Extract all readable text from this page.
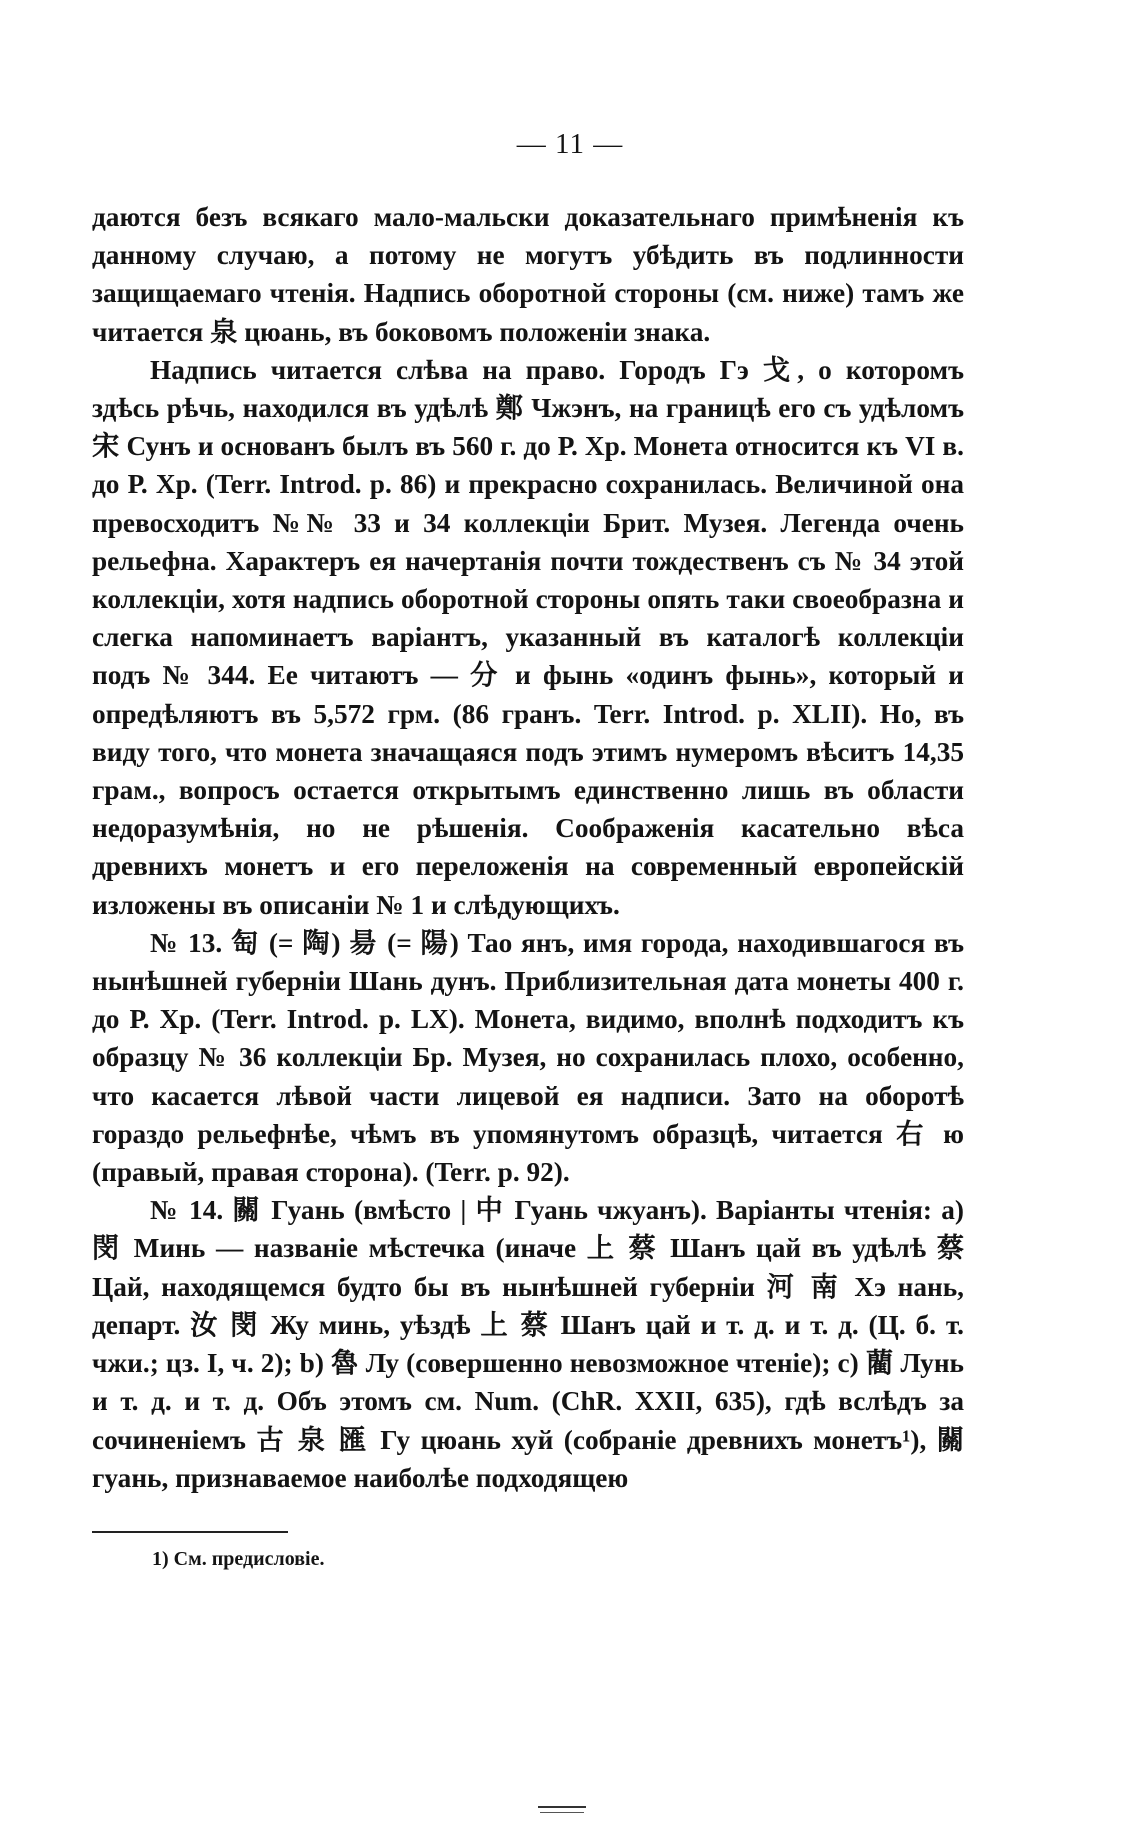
— 11 —

даются безъ всякаго мало-мальски доказательнаго примѣненія къ данному случаю, а потому не могутъ убѣдить въ подлинности защищаемаго чтенія. Надпись оборотной стороны (см. ниже) тамъ же читается 泉 цюань, въ боковомъ положеніи знака.

Надпись читается слѣва на право. Городъ Гэ 戈, о которомъ здѣсь рѣчь, находился въ удѣлѣ 鄭 Чжэнъ, на границѣ его съ удѣломъ 宋 Сунъ и основанъ былъ въ 560 г. до Р. Хр. Монета относится къ VI в. до Р. Хр. (Terr. Introd. p. 86) и прекрасно сохранилась. Величиной она превосходитъ №№ 33 и 34 коллекціи Брит. Музея. Легенда очень рельефна. Характеръ ея начертанія почти тождественъ съ № 34 этой коллекціи, хотя надпись оборотной стороны опять таки своеобразна и слегка напоминаетъ варіантъ, указанный въ каталогѣ коллекціи подъ № 344. Ее читаютъ — 分 и фынь «одинъ фынь», который и опредѣляютъ въ 5,572 грм. (86 гранъ. Terr. Introd. p. XLII). Но, въ виду того, что монета значащаяся подъ этимъ нумеромъ вѣситъ 14,35 грам., вопросъ остается открытымъ единственно лишь въ области недоразумѣнія, но не рѣшенія. Соображенія касательно вѣса древнихъ монетъ и его переложенія на современный европейскій изложены въ описаніи № 1 и слѣдующихъ.

№ 13. 匋 (= 陶) 昜 (= 陽) Тао янъ, имя города, находившагося въ нынѣшней губерніи Шань дунъ. Приблизительная дата монеты 400 г. до Р. Хр. (Terr. Introd. p. LX). Монета, видимо, вполнѣ подходитъ къ образцу № 36 коллекціи Бр. Музея, но сохранилась плохо, особенно, что касается лѣвой части лицевой ея надписи. Зато на оборотѣ гораздо рельефнѣе, чѣмъ въ упомянутомъ образцѣ, читается 右 ю (правый, правая сторона). (Terr. p. 92).

№ 14. 關 Гуань (вмѣсто | 中 Гуань чжуанъ). Варіанты чтенія: a) 閔 Минь — названіе мѣстечка (иначе 上 蔡 Шанъ цай въ удѣлѣ 蔡 Цай, находящемся будто бы въ нынѣшней губерніи 河 南 Хэ нань, департ. 汝 閔 Жу минь, уѣздѣ 上 蔡 Шанъ цай и т. д. и т. д. (Ц. б. т. чжи.; цз. I, ч. 2); b) 魯 Лу (совершенно невозможное чтеніе); c) 藺 Лунь и т. д. и т. д. Объ этомъ см. Num. (ChR. XXII, 635), гдѣ вслѣдъ за сочиненіемъ 古 泉 匯 Гу цюань хуй (собраніе древнихъ монетъ¹), 關 гуань, признаваемое наиболѣе подходящею

1) См. предисловіе.
